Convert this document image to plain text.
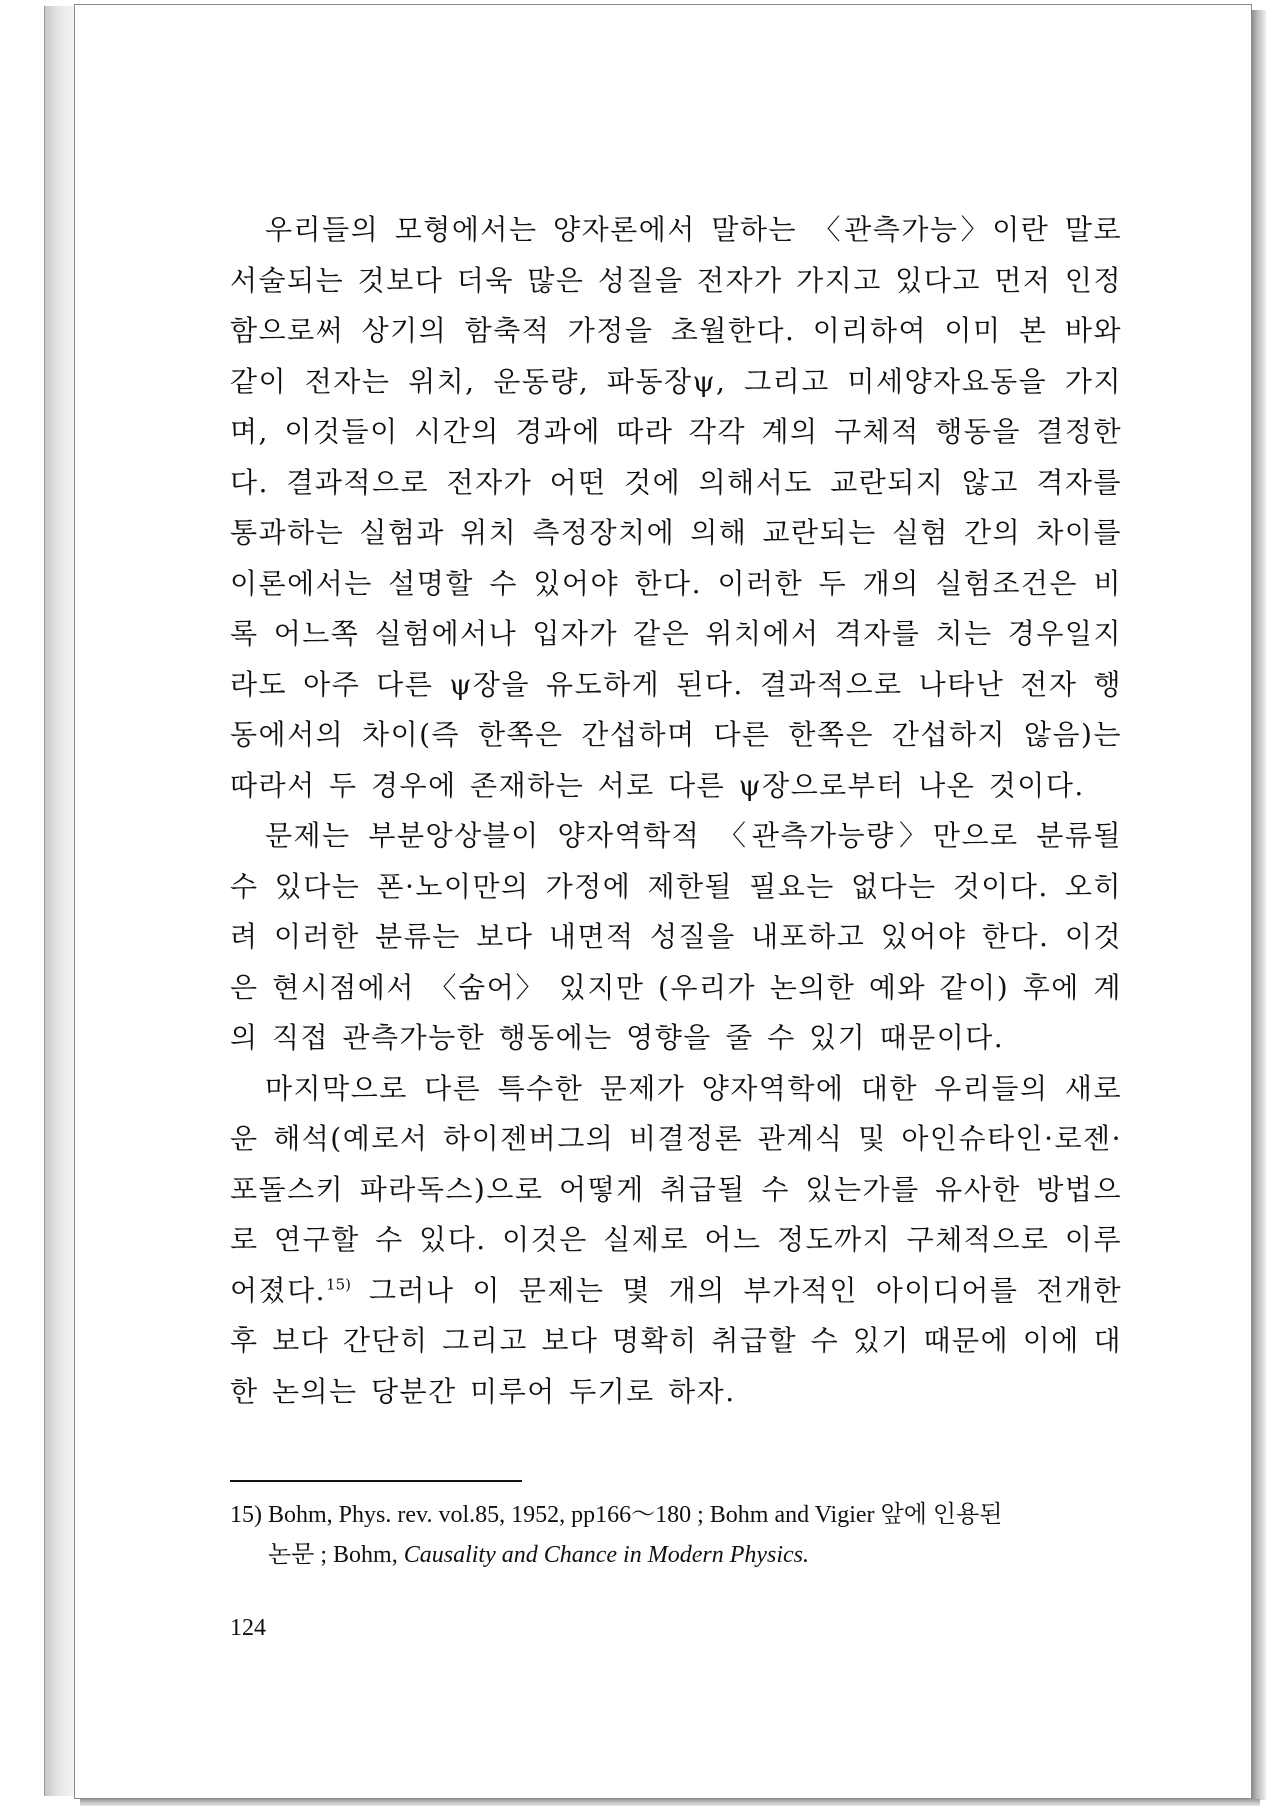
우리들의 모형에서는 양자론에서 말하는 〈관측가능〉이란 말로 서술되는 것보다 더욱 많은 성질을 전자가 가지고 있다고 먼저 인정함으로써 상기의 함축적 가정을 초월한다. 이리하여 이미 본 바와 같이 전자는 위치, 운동량, 파동장ψ, 그리고 미세양자요동을 가지며, 이것들이 시간의 경과에 따라 각각 계의 구체적 행동을 결정한다. 결과적으로 전자가 어떤 것에 의해서도 교란되지 않고 격자를 통과하는 실험과 위치 측정장치에 의해 교란되는 실험 간의 차이를 이론에서는 설명할 수 있어야 한다. 이러한 두 개의 실험조건은 비록 어느쪽 실험에서나 입자가 같은 위치에서 격자를 치는 경우일지라도 아주 다른 ψ장을 유도하게 된다. 결과적으로 나타난 전자 행동에서의 차이(즉 한쪽은 간섭하며 다른 한쪽은 간섭하지 않음)는 따라서 두 경우에 존재하는 서로 다른 ψ장으로부터 나온 것이다.

문제는 부분앙상블이 양자역학적 〈관측가능량〉만으로 분류될 수 있다는 폰·노이만의 가정에 제한될 필요는 없다는 것이다. 오히려 이러한 분류는 보다 내면적 성질을 내포하고 있어야 한다. 이것은 현시점에서 〈숨어〉 있지만 (우리가 논의한 예와 같이) 후에 계의 직접 관측가능한 행동에는 영향을 줄 수 있기 때문이다.

마지막으로 다른 특수한 문제가 양자역학에 대한 우리들의 새로운 해석(예로서 하이젠버그의 비결정론 관계식 및 아인슈타인·로젠·포돌스키 파라독스)으로 어떻게 취급될 수 있는가를 유사한 방법으로 연구할 수 있다. 이것은 실제로 어느 정도까지 구체적으로 이루어졌다.$^{15)}$ 그러나 이 문제는 몇 개의 부가적인 아이디어를 전개한 후 보다 간단히 그리고 보다 명확히 취급할 수 있기 때문에 이에 대한 논의는 당분간 미루어 두기로 하자.

15) Bohm, Phys. rev. vol.85, 1952, pp166～180 ; Bohm and Vigier 앞에 인용된
논문 ; Bohm, Causality and Chance in Modern Physics.
124
